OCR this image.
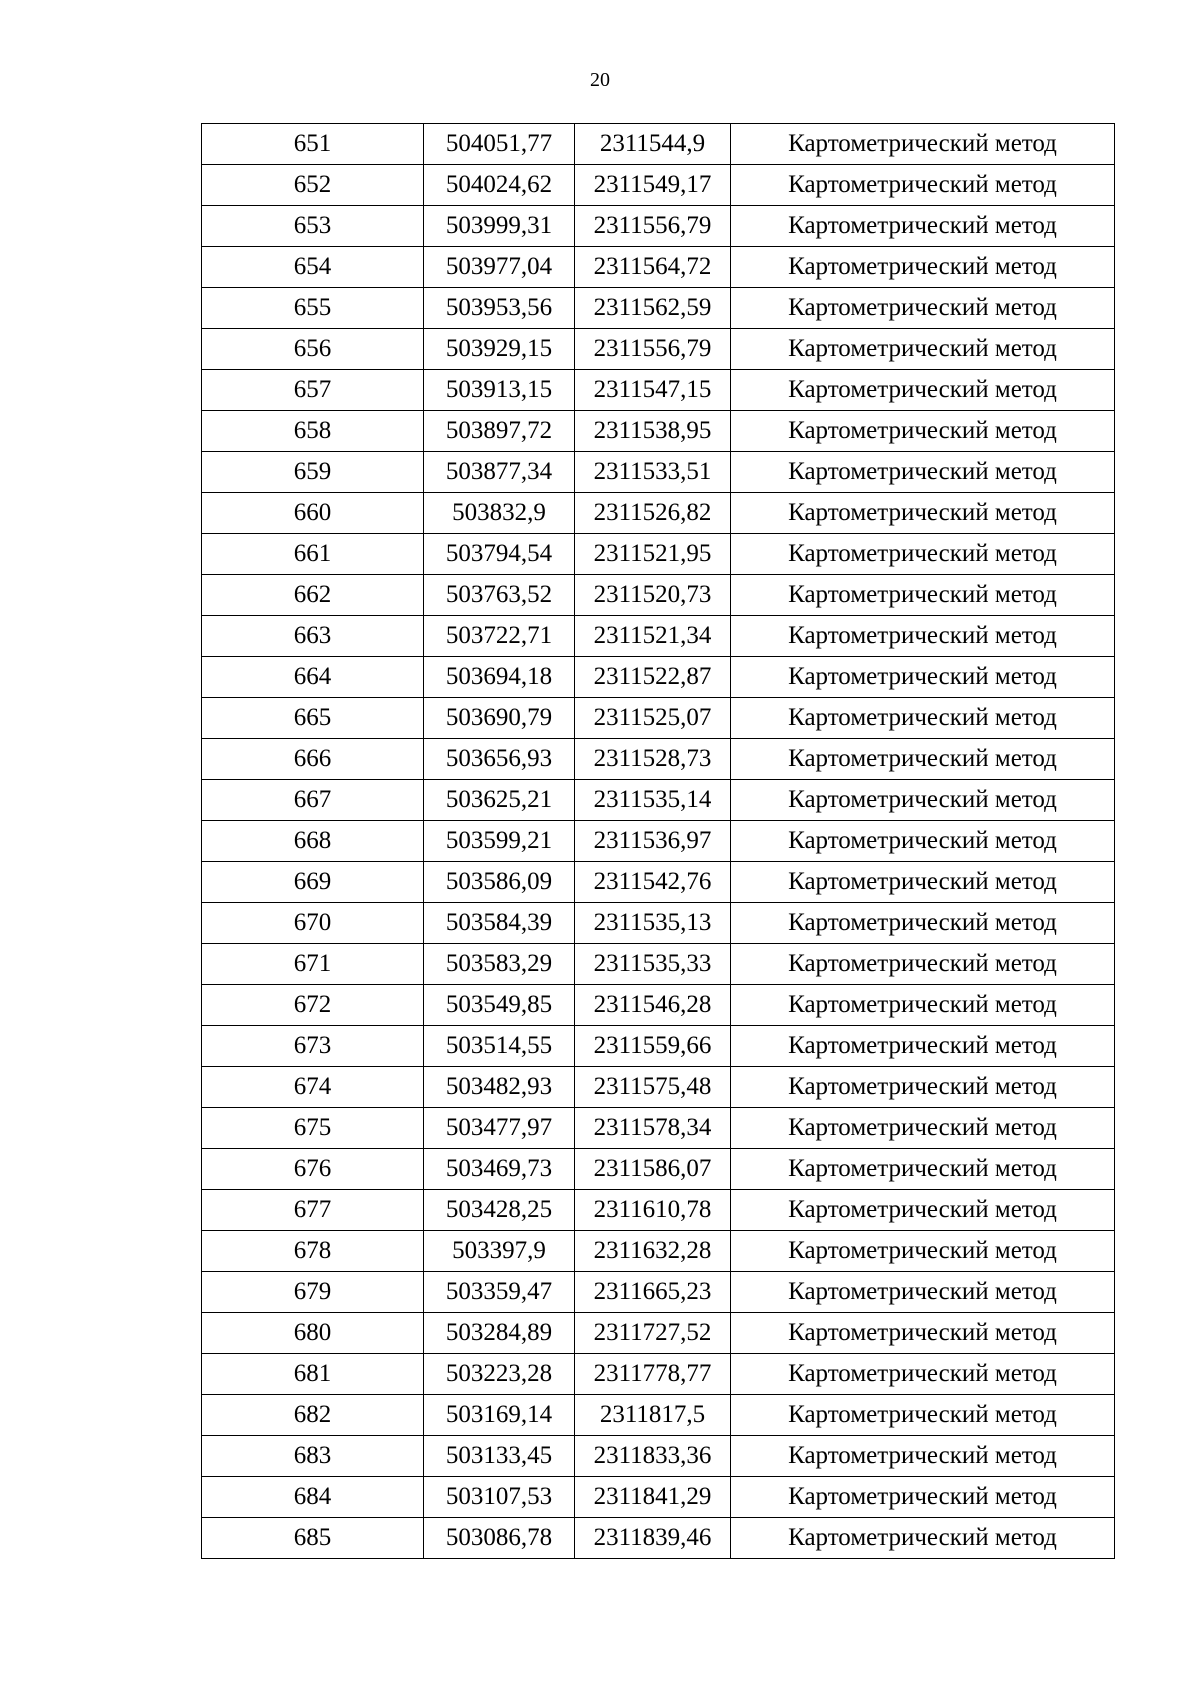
20
651	504051,77	2311544,9	Картометрический метод
652	504024,62	2311549,17	Картометрический метод
653	503999,31	2311556,79	Картометрический метод
654	503977,04	2311564,72	Картометрический метод
655	503953,56	2311562,59	Картометрический метод
656	503929,15	2311556,79	Картометрический метод
657	503913,15	2311547,15	Картометрический метод
658	503897,72	2311538,95	Картометрический метод
659	503877,34	2311533,51	Картометрический метод
660	503832,9	2311526,82	Картометрический метод
661	503794,54	2311521,95	Картометрический метод
662	503763,52	2311520,73	Картометрический метод
663	503722,71	2311521,34	Картометрический метод
664	503694,18	2311522,87	Картометрический метод
665	503690,79	2311525,07	Картометрический метод
666	503656,93	2311528,73	Картометрический метод
667	503625,21	2311535,14	Картометрический метод
668	503599,21	2311536,97	Картометрический метод
669	503586,09	2311542,76	Картометрический метод
670	503584,39	2311535,13	Картометрический метод
671	503583,29	2311535,33	Картометрический метод
672	503549,85	2311546,28	Картометрический метод
673	503514,55	2311559,66	Картометрический метод
674	503482,93	2311575,48	Картометрический метод
675	503477,97	2311578,34	Картометрический метод
676	503469,73	2311586,07	Картометрический метод
677	503428,25	2311610,78	Картометрический метод
678	503397,9	2311632,28	Картометрический метод
679	503359,47	2311665,23	Картометрический метод
680	503284,89	2311727,52	Картометрический метод
681	503223,28	2311778,77	Картометрический метод
682	503169,14	2311817,5	Картометрический метод
683	503133,45	2311833,36	Картометрический метод
684	503107,53	2311841,29	Картометрический метод
685	503086,78	2311839,46	Картометрический метод
